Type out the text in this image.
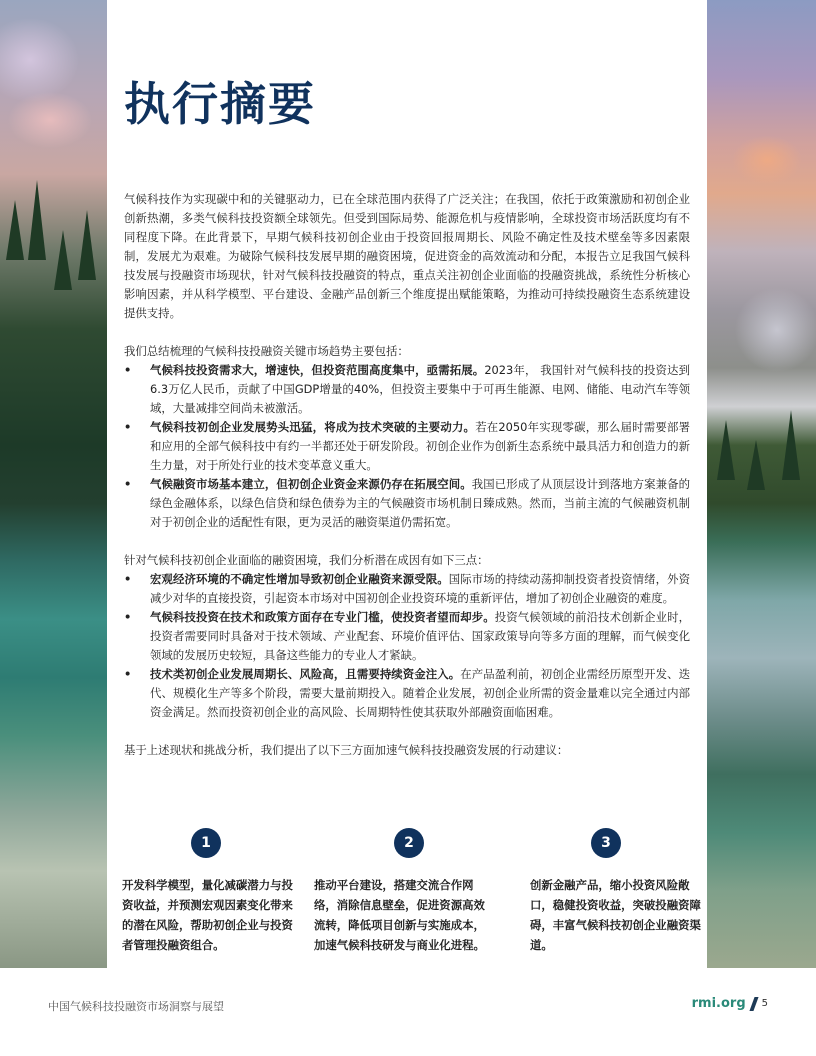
执行摘要

气候科技作为实现碳中和的关键驱动力，已在全球范围内获得了广泛关注；在我国，依托于政策激励和初创企业创新热潮，多类气候科技投资额全球领先。但受到国际局势、能源危机与疫情影响，全球投资市场活跃度均有不同程度下降。在此背景下，早期气候科技初创企业由于投资回报周期长、风险不确定性及技术壁垒等多因素限制，发展尤为艰难。为破除气候科技发展早期的融资困境，促进资金的高效流动和分配，本报告立足我国气候科技发展与投融资市场现状，针对气候科技投融资的特点，重点关注初创企业面临的投融资挑战，系统性分析核心影响因素，并从科学模型、平台建设、金融产品创新三个维度提出赋能策略，为推动可持续投融资生态系统建设提供支持。

我们总结梳理的气候科技投融资关键市场趋势主要包括：

• 气候科技投资需求大，增速快，但投资范围高度集中，亟需拓展。2023年， 我国针对气候科技的投资达到6.3万亿人民币，贡献了中国GDP增量的40%，但投资主要集中于可再生能源、电网、储能、电动汽车等领域，大量减排空间尚未被激活。
• 气候科技初创企业发展势头迅猛，将成为技术突破的主要动力。若在2050年实现零碳，那么届时需要部署和应用的全部气候科技中有约一半都还处于研发阶段。初创企业作为创新生态系统中最具活力和创造力的新生力量，对于所处行业的技术变革意义重大。
• 气候融资市场基本建立，但初创企业资金来源仍存在拓展空间。我国已形成了从顶层设计到落地方案兼备的绿色金融体系，以绿色信贷和绿色债券为主的气候融资市场机制日臻成熟。然而，当前主流的气候融资机制对于初创企业的适配性有限，更为灵活的融资渠道仍需拓宽。

针对气候科技初创企业面临的融资困境，我们分析潜在成因有如下三点：

• 宏观经济环境的不确定性增加导致初创企业融资来源受限。国际市场的持续动荡抑制投资者投资情绪，外资减少对华的直接投资，引起资本市场对中国初创企业投资环境的重新评估，增加了初创企业融资的难度。
• 气候科技投资在技术和政策方面存在专业门槛，使投资者望而却步。投资气候领域的前沿技术创新企业时，投资者需要同时具备对于技术领域、产业配套、环境价值评估、国家政策导向等多方面的理解，而气候变化领域的发展历史较短，具备这些能力的专业人才紧缺。
• 技术类初创企业发展周期长、风险高，且需要持续资金注入。在产品盈利前，初创企业需经历原型开发、迭代、规模化生产等多个阶段，需要大量前期投入。随着企业发展，初创企业所需的资金量难以完全通过内部资金满足。然而投资初创企业的高风险、长周期特性使其获取外部融资面临困难。

基于上述现状和挑战分析，我们提出了以下三方面加速气候科技投融资发展的行动建议：

1
开发科学模型，量化减碳潜力与投资收益，并预测宏观因素变化带来的潜在风险，帮助初创企业与投资者管理投融资组合。
2
推动平台建设，搭建交流合作网络，消除信息壁垒，促进资源高效流转，降低项目创新与实施成本，加速气候科技研发与商业化进程。
3
创新金融产品，缩小投资风险敞口，稳健投资收益，突破投融资障碍，丰富气候科技初创企业融资渠道。
中国气候科技投融资市场洞察与展望	rmi.org 5
